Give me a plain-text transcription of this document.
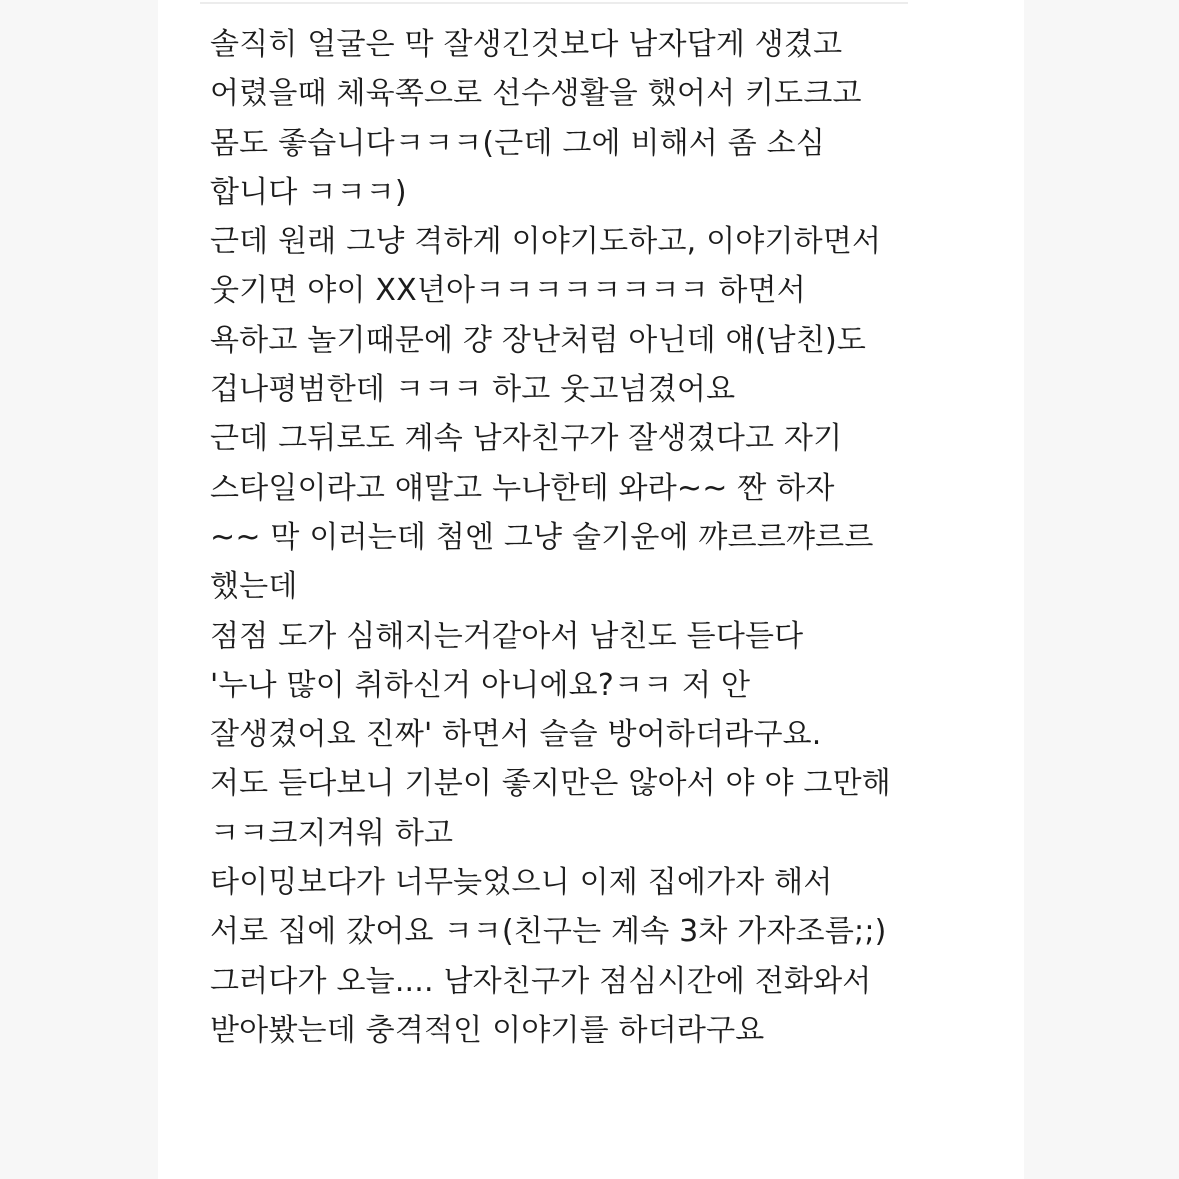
솔직히 얼굴은 막 잘생긴것보다 남자답게 생겼고
어렸을때 체육쪽으로 선수생활을 했어서 키도크고
몸도 좋습니다ㅋㅋㅋ(근데 그에 비해서 좀 소심
합니다 ㅋㅋㅋ)
근데 원래 그냥 격하게 이야기도하고, 이야기하면서
웃기면 야이 XX년아ㅋㅋㅋㅋㅋㅋㅋㅋ 하면서
욕하고 놀기때문에 걍 장난처럼 아닌데 얘(남친)도
겁나평범한데 ㅋㅋㅋ 하고 웃고넘겼어요
근데 그뒤로도 계속 남자친구가 잘생겼다고 자기
스타일이라고 얘말고 누나한테 와라~~ 짠 하자
~~ 막 이러는데 첨엔 그냥 술기운에 꺄르르꺄르르
했는데
점점 도가 심해지는거같아서 남친도 듣다듣다
'누나 많이 취하신거 아니에요?ㅋㅋ 저 안
잘생겼어요 진짜' 하면서 슬슬 방어하더라구요.
저도 듣다보니 기분이 좋지만은 않아서 야 야 그만해
ㅋㅋ크지겨워 하고
타이밍보다가 너무늦었으니 이제 집에가자 해서
서로 집에 갔어요 ㅋㅋ(친구는 계속 3차 가자조름;;)
그러다가 오늘.... 남자친구가 점심시간에 전화와서
받아봤는데 충격적인 이야기를 하더라구요
